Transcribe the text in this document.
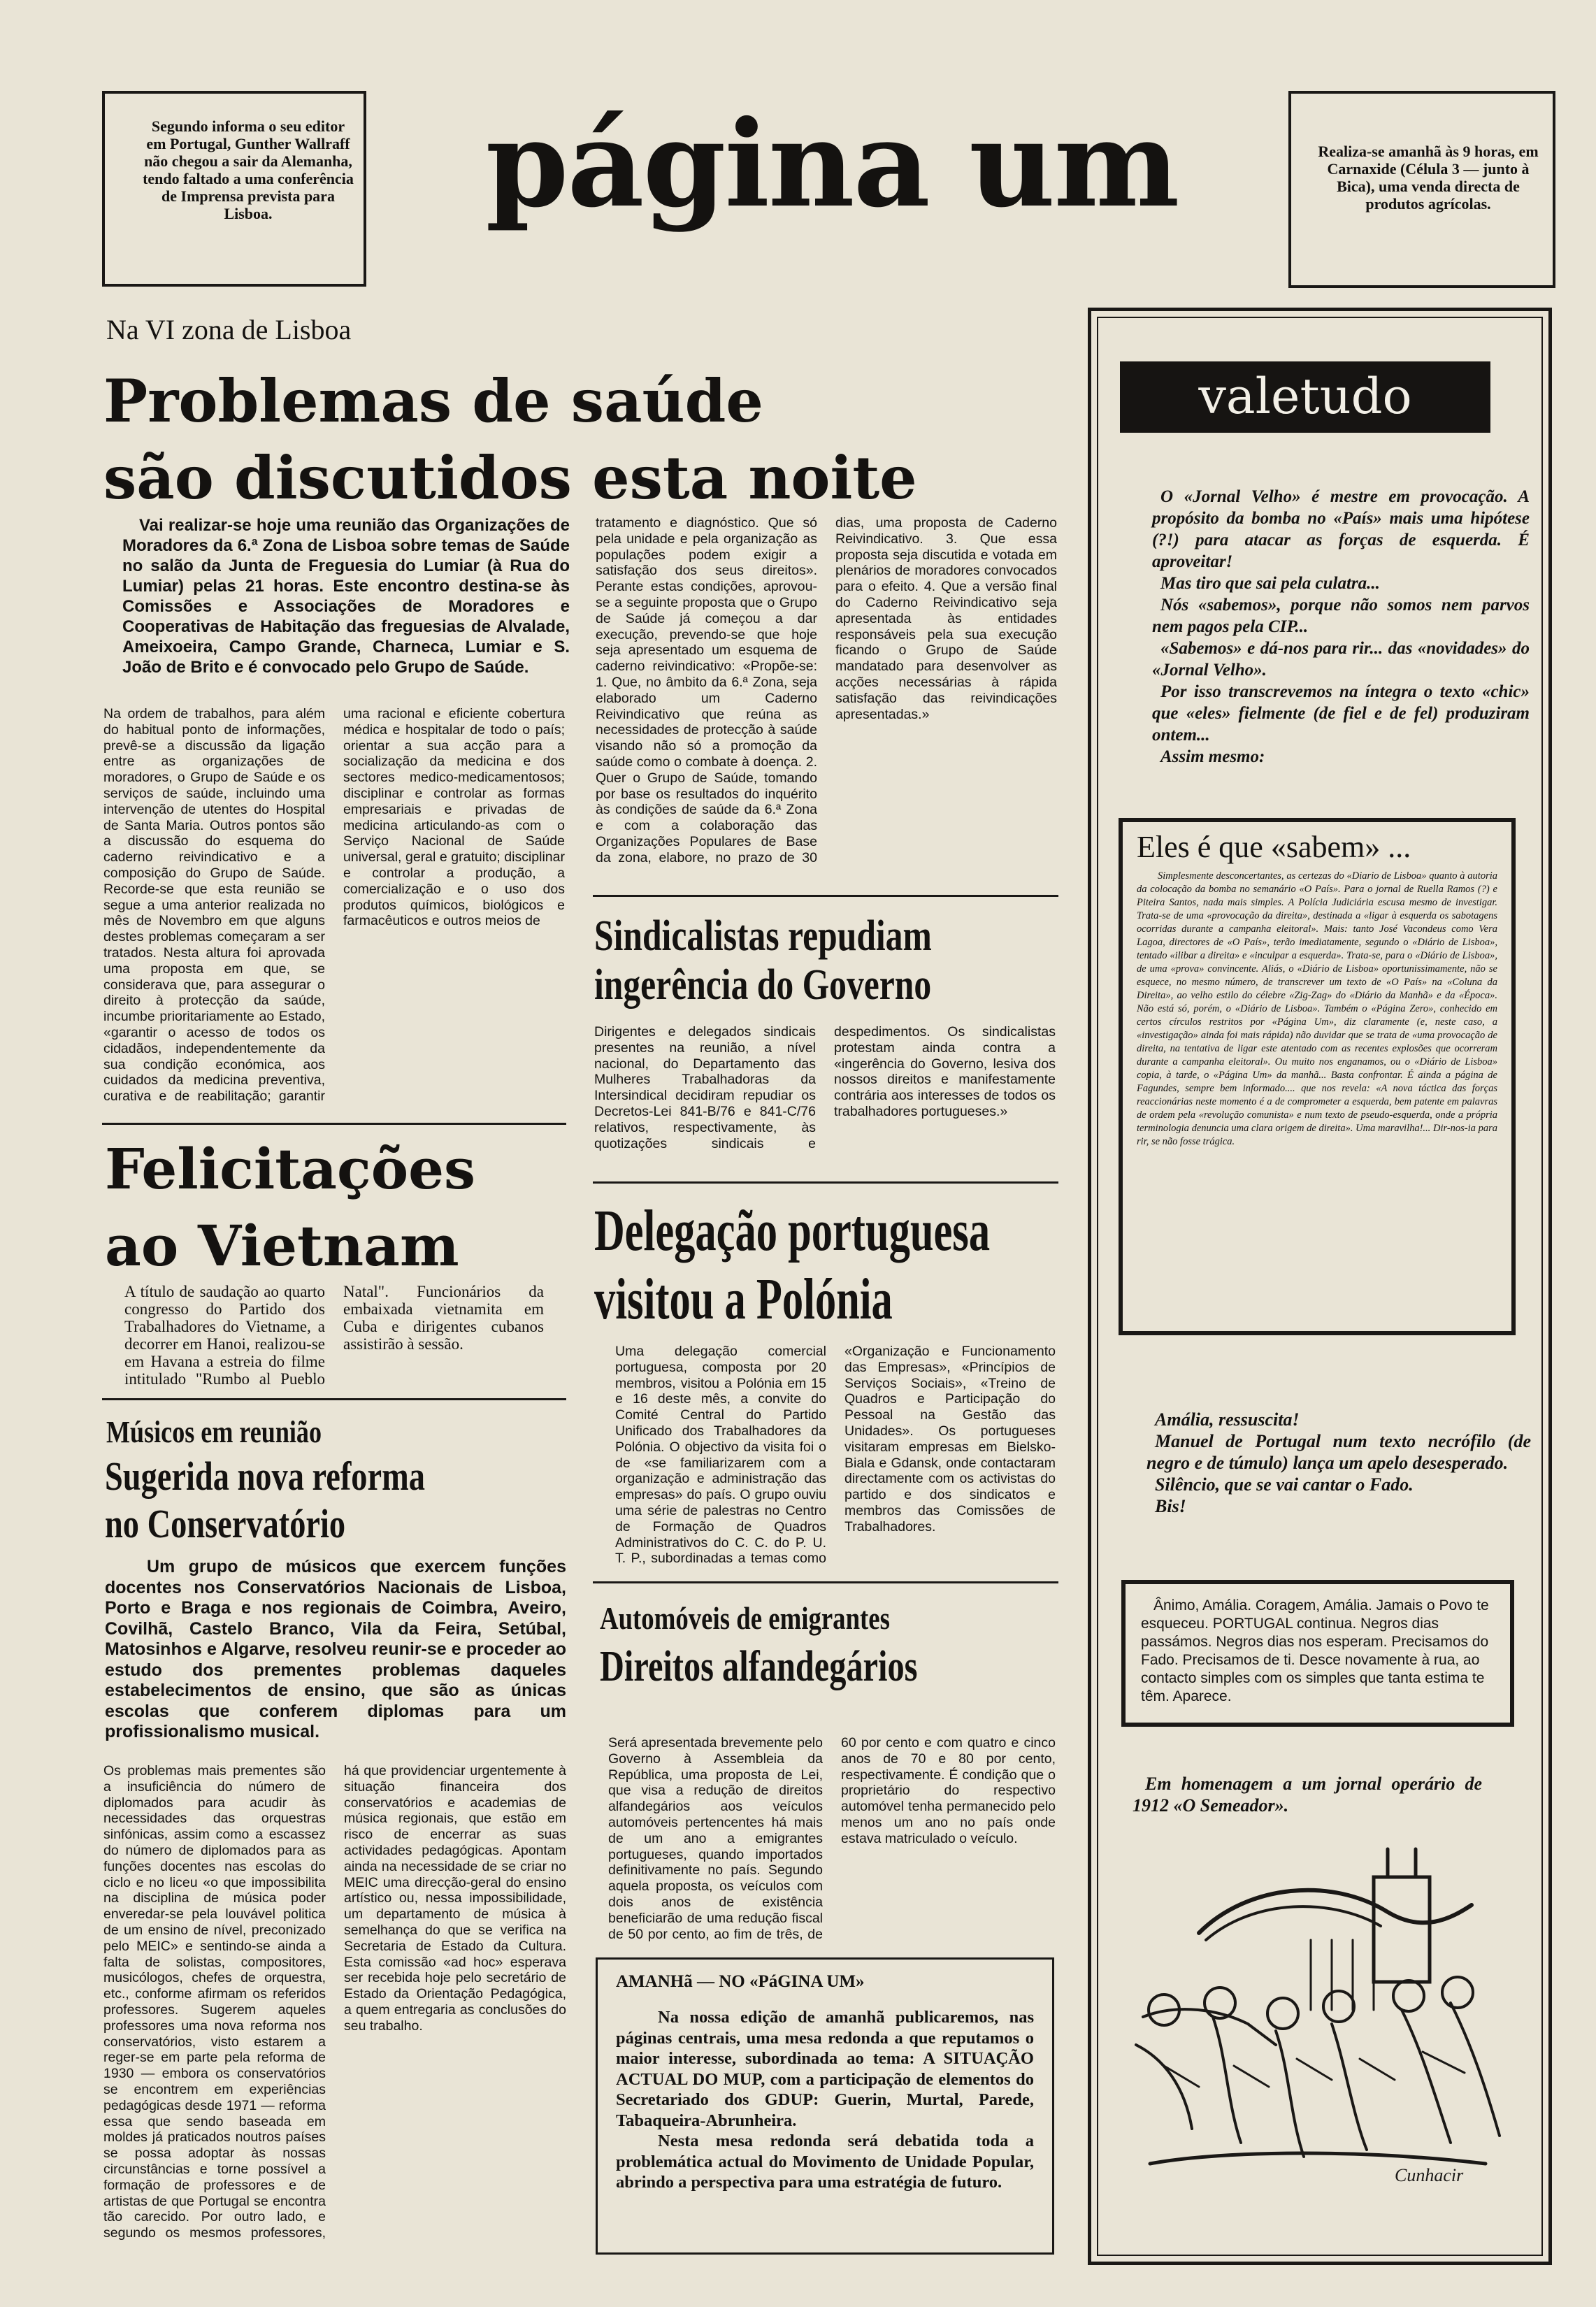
Segundo informa o seu editor em Portugal, Gunther Wallraff não chegou a sair da Alemanha, tendo faltado a uma conferência de Imprensa prevista para Lisboa.	página um	Realiza-se amanhã às 9 horas, em Carnaxide (Célula 3 — junto à Bica), uma venda directa de produtos agrícolas.
Na VI zona de Lisboa
Problemas de saúde
são discutidos esta noite
Vai realizar-se hoje uma reunião das Organizações de Moradores da 6.ª Zona de Lisboa sobre temas de Saúde no salão da Junta de Freguesia do Lumiar (à Rua do Lumiar) pelas 21 horas. Este encontro destina-se às Comissões e Associações de Moradores e Cooperativas de Habitação das freguesias de Alvalade, Ameixoeira, Campo Grande, Charneca, Lumiar e S. João de Brito e é convocado pelo Grupo de Saúde.
tratamento e diagnóstico. Que só pela unidade e pela organização as populações podem exigir a satisfação dos seus direitos». Perante estas condições, aprovou-se a seguinte proposta que o Grupo de Saúde já começou a dar execução, prevendo-se que hoje seja apresentado um esquema de caderno reivindicativo: «Propõe-se: 1. Que, no âmbito da 6.ª Zona, seja elaborado um Caderno Reivindicativo que reúna as necessidades de protecção à saúde visando não só a promoção da saúde como o combate à doença. 2. Quer o Grupo de Saúde, tomando por base os resultados do inquérito às condições de saúde da 6.ª Zona e com a colaboração das Organizações Populares de Base da zona, elabore, no prazo de 30 dias, uma proposta de Caderno Reivindicativo. 3. Que essa proposta seja discutida e votada em plenários de moradores convocados para o efeito. 4. Que a versão final do Caderno Reivindicativo seja apresentada às entidades responsáveis pela sua execução ficando o Grupo de Saúde mandatado para desenvolver as acções necessárias à rápida satisfação das reivindicações apresentadas.»
Na ordem de trabalhos, para além do habitual ponto de informações, prevê-se a discussão da ligação entre as organizações de moradores, o Grupo de Saúde e os serviços de saúde, incluindo uma intervenção de utentes do Hospital de Santa Maria. Outros pontos são a discussão do esquema do caderno reivindicativo e a composição do Grupo de Saúde. Recorde-se que esta reunião se segue a uma anterior realizada no mês de Novembro em que alguns destes problemas começaram a ser tratados. Nesta altura foi aprovada uma proposta em que, se considerava que, para assegurar o direito à protecção da saúde, incumbe prioritariamente ao Estado, «garantir o acesso de todos os cidadãos, independentemente da sua condição económica, aos cuidados da medicina preventiva, curativa e de reabilitação; garantir uma racional e eficiente cobertura médica e hospitalar de todo o país; orientar a sua acção para a socialização da medicina e dos sectores medico-medicamentosos; disciplinar e controlar as formas empresariais e privadas de medicina articulando-as com o Serviço Nacional de Saúde universal, geral e gratuito; disciplinar e controlar a produção, a comercialização e o uso dos produtos químicos, biológicos e farmacêuticos e outros meios de
Felicitações
ao Vietnam
A título de saudação ao quarto congresso do Partido dos Trabalhadores do Vietname, a decorrer em Hanoi, realizou-se em Havana a estreia do filme intitulado "Rumbo al Pueblo Natal". Funcionários da embaixada vietnamita em Cuba e dirigentes cubanos assistirão à sessão.
Músicos em reunião
Sugerida nova reforma
no Conservatório
Um grupo de músicos que exercem funções docentes nos Conservatórios Nacionais de Lisboa, Porto e Braga e nos regionais de Coimbra, Aveiro, Covilhã, Castelo Branco, Vila da Feira, Setúbal, Matosinhos e Algarve, resolveu reunir-se e proceder ao estudo dos prementes problemas daqueles estabelecimentos de ensino, que são as únicas escolas que conferem diplomas para um profissionalismo musical.
Os problemas mais prementes são a insuficiência do número de diplomados para acudir às necessidades das orquestras sinfónicas, assim como a escassez do número de diplomados para as funções docentes nas escolas do ciclo e no liceu «o que impossibilita na disciplina de música poder enveredar-se pela louvável politica de um ensino de nível, preconizado pelo MEIC» e sentindo-se ainda a falta de solistas, compositores, musicólogos, chefes de orquestra, etc., conforme afirmam os referidos professores. Sugerem aqueles professores uma nova reforma nos conservatórios, visto estarem a reger-se em parte pela reforma de 1930 — embora os conservatórios se encontrem em experiências pedagógicas desde 1971 — reforma essa que sendo baseada em moldes já praticados noutros países se possa adoptar às nossas circunstâncias e torne possível a formação de professores e de artistas de que Portugal se encontra tão carecido. Por outro lado, e segundo os mesmos professores, há que providenciar urgentemente à situação financeira dos conservatórios e academias de música regionais, que estão em risco de encerrar as suas actividades pedagógicas. Apontam ainda na necessidade de se criar no MEIC uma direcção-geral do ensino artístico ou, nessa impossibilidade, um departamento de música à semelhança do que se verifica na Secretaria de Estado da Cultura. Esta comissão «ad hoc» esperava ser recebida hoje pelo secretário de Estado da Orientação Pedagógica, a quem entregaria as conclusões do seu trabalho.
Sindicalistas repudiam
ingerência do Governo
Dirigentes e delegados sindicais presentes na reunião, a nível nacional, do Departamento das Mulheres Trabalhadoras da Intersindical decidiram repudiar os Decretos-Lei 841-B/76 e 841-C/76 relativos, respectivamente, às quotizações sindicais e despedimentos. Os sindicalistas protestam ainda contra a «ingerência do Governo, lesiva dos nossos direitos e manifestamente contrária aos interesses de todos os trabalhadores portugueses.»
Delegação portuguesa
visitou a Polónia
Uma delegação comercial portuguesa, composta por 20 membros, visitou a Polónia em 15 e 16 deste mês, a convite do Comité Central do Partido Unificado dos Trabalhadores da Polónia. O objectivo da visita foi o de «se familiarizarem com a organização e administração das empresas» do país. O grupo ouviu uma série de palestras no Centro de Formação de Quadros Administrativos do C. C. do P. U. T. P., subordinadas a temas como «Organização e Funcionamento das Empresas», «Princípios de Serviços Sociais», «Treino de Quadros e Participação do Pessoal na Gestão das Unidades». Os portugueses visitaram empresas em Bielsko-Biala e Gdansk, onde contactaram directamente com os activistas do partido e dos sindicatos e membros das Comissões de Trabalhadores.
Automóveis de emigrantes
Direitos alfandegários
Será apresentada brevemente pelo Governo à Assembleia da República, uma proposta de Lei, que visa a redução de direitos alfandegários aos veículos automóveis pertencentes há mais de um ano a emigrantes portugueses, quando importados definitivamente no país. Segundo aquela proposta, os veículos com dois anos de existência beneficiarão de uma redução fiscal de 50 por cento, ao fim de três, de 60 por cento e com quatro e cinco anos de 70 e 80 por cento, respectivamente. É condição que o proprietário do respectivo automóvel tenha permanecido pelo menos um ano no país onde estava matriculado o veículo.
AMANHã — NO «PáGINA UM»
Na nossa edição de amanhã publicaremos, nas páginas centrais, uma mesa redonda a que reputamos o maior interesse, subordinada ao tema: A SITUAÇÃO ACTUAL DO MUP, com a participação de elementos do Secretariado dos GDUP: Guerin, Murtal, Parede, Tabaqueira-Abrunheira.
Nesta mesa redonda será debatida toda a problemática actual do Movimento de Unidade Popular, abrindo a perspectiva para uma estratégia de futuro.
valetudo
O «Jornal Velho» é mestre em provocação. A propósito da bomba no «País» mais uma hipótese (?!) para atacar as forças de esquerda. É aproveitar!
Mas tiro que sai pela culatra...
Nós «sabemos», porque não somos nem parvos nem pagos pela CIP...
«Sabemos» e dá-nos para rir... das «novidades» do «Jornal Velho».
Por isso transcrevemos na íntegra o texto «chic» que «eles» fielmente (de fiel e de fel) produziram ontem...
Assim mesmo:
Eles é que «sabem» ...
Simplesmente desconcertantes, as certezas do «Diario de Lisboa» quanto à autoria da colocação da bomba no semanário «O País». Para o jornal de Ruella Ramos (?) e Piteira Santos, nada mais simples. A Polícia Judiciária escusa mesmo de investigar. Trata-se de uma «provocação da direita», destinada a «ligar à esquerda os sabotagens ocorridas durante a campanha eleitoral». Mais: tanto José Vacondeus como Vera Lagoa, directores de «O País», terão imediatamente, segundo o «Diário de Lisboa», tentado «ilibar a direita» e «inculpar a esquerda». Trata-se, para o «Diário de Lisboa», de uma «prova» convincente. Aliás, o «Diário de Lisboa» oportunissimamente, não se esquece, no mesmo número, de transcrever um texto de «O País» na «Coluna da Direita», ao velho estilo do célebre «Zig-Zag» do «Diário da Manhã» e da «Época». Não está só, porém, o «Diário de Lisboa». Também o «Página Zero», conhecido em certos círculos restritos por «Página Um», diz claramente (e, neste caso, a «investigação» ainda foi mais rápida) não duvidar que se trata de «uma provocação de direita, na tentativa de ligar este atentado com as recentes explosões que ocorreram durante a campanha eleitoral». Ou muito nos enganamos, ou o «Diário de Lisboa» copia, à tarde, o «Página Um» da manhã... Basta confrontar. É ainda a página de Fagundes, sempre bem informado.... que nos revela: «A nova táctica das forças reaccionárias neste momento é a de comprometer a esquerda, bem patente em palavras de ordem pela «revolução comunista» e num texto de pseudo-esquerda, onde a própria terminologia denuncia uma clara origem de direita». Uma maravilha!... Dir-nos-ia para rir, se não fosse trágica.
Amália, ressuscita!
Manuel de Portugal num texto necrófilo (de negro e de túmulo) lança um apelo desesperado.
Silêncio, que se vai cantar o Fado.
Bis!
Ânimo, Amália. Coragem, Amália. Jamais o Povo te esqueceu. PORTUGAL continua. Negros dias passámos. Negros dias nos esperam. Precisamos do Fado. Precisamos de ti. Desce novamente à rua, ao contacto simples com os simples que tanta estima te têm. Aparece.
Em homenagem a um jornal operário de 1912 «O Semeador».
Cunhacir
